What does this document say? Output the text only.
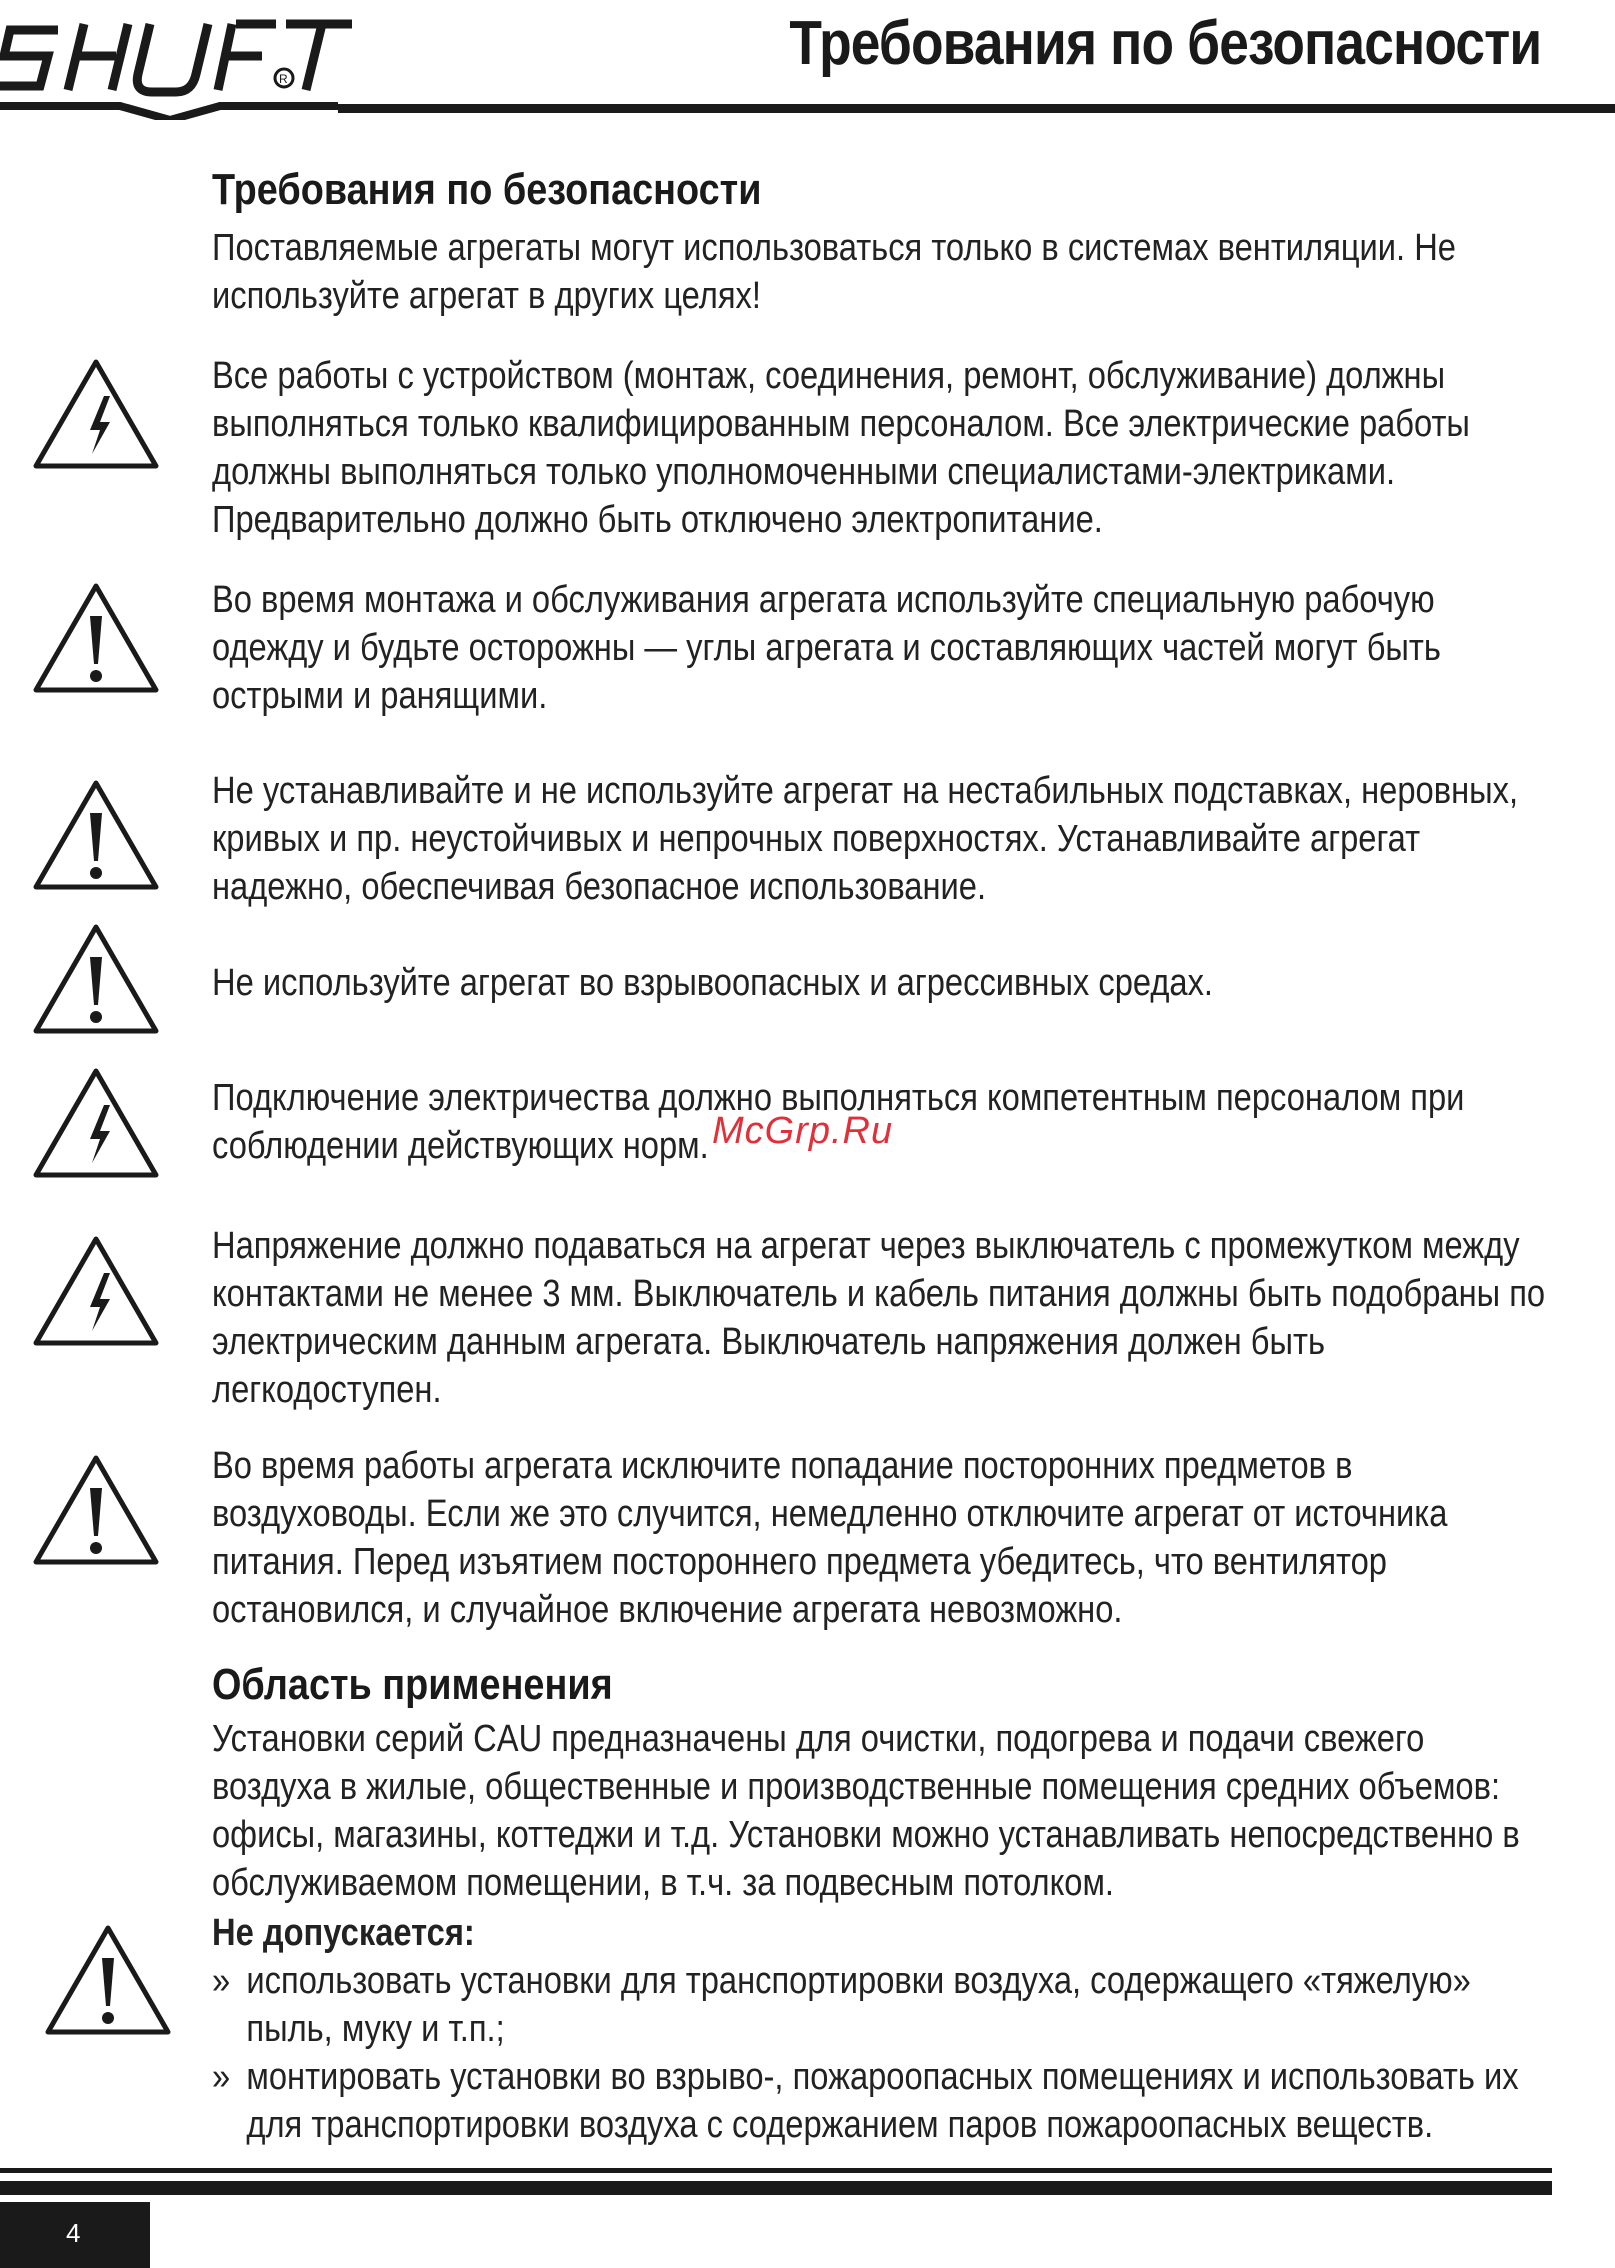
R
Требования по безопасности
Требования по безопасности

Поставляемые агрегаты могут использоваться только в системах вентиляции. Не используйте агрегат в других целях!

Все работы с устройством (монтаж, соединения, ремонт, обслуживание) должны выполняться только квалифицированным персоналом. Все электрические работы должны выполняться только уполномоченными специалистами-электриками. Предварительно должно быть отключено электропитание.

Во время монтажа и обслуживания агрегата используйте специальную рабочую одежду и будьте осторожны — углы агрегата и составляющих частей могут быть острыми и ранящими.

Не устанавливайте и не используйте агрегат на нестабильных подставках, неровных, кривых и пр. неустойчивых и непрочных поверхностях. Устанавливайте агрегат надежно, обеспечивая безопасное использование.

Не используйте агрегат во взрывоопасных и агрессивных средах.

Подключение электричества должно выполняться компетентным персоналом при соблюдении действующих норм.

Напряжение должно подаваться на агрегат через выключатель с промежутком между контактами не менее 3 мм. Выключатель и кабель питания должны быть подобраны по электрическим данным агрегата. Выключатель напряжения должен быть легкодоступен.

Во время работы агрегата исключите попадание посторонних предметов в воздуховоды. Если же это случится, немедленно отключите агрегат от источника питания. Перед изъятием постороннего предмета убедитесь, что вентилятор остановился, и случайное включение агрегата невозможно.

Область применения

Установки серий CAU предназначены для очистки, подогрева и подачи свежего воздуха в жилые, общественные и производственные помещения средних объемов: офисы, магазины, коттеджи и т.д. Установки можно устанавливать непосредственно в обслуживаемом помещении, в т.ч. за подвесным потолком.

Не допускается:

» использовать установки для транспортировки воздуха, содержащего «тяжелую» пыль, муку и т.п.;
» монтировать установки во взрыво-, пожароопасных помещениях и использовать их для транспортировки воздуха с содержанием паров пожароопасных веществ.
McGrp.Ru
4
